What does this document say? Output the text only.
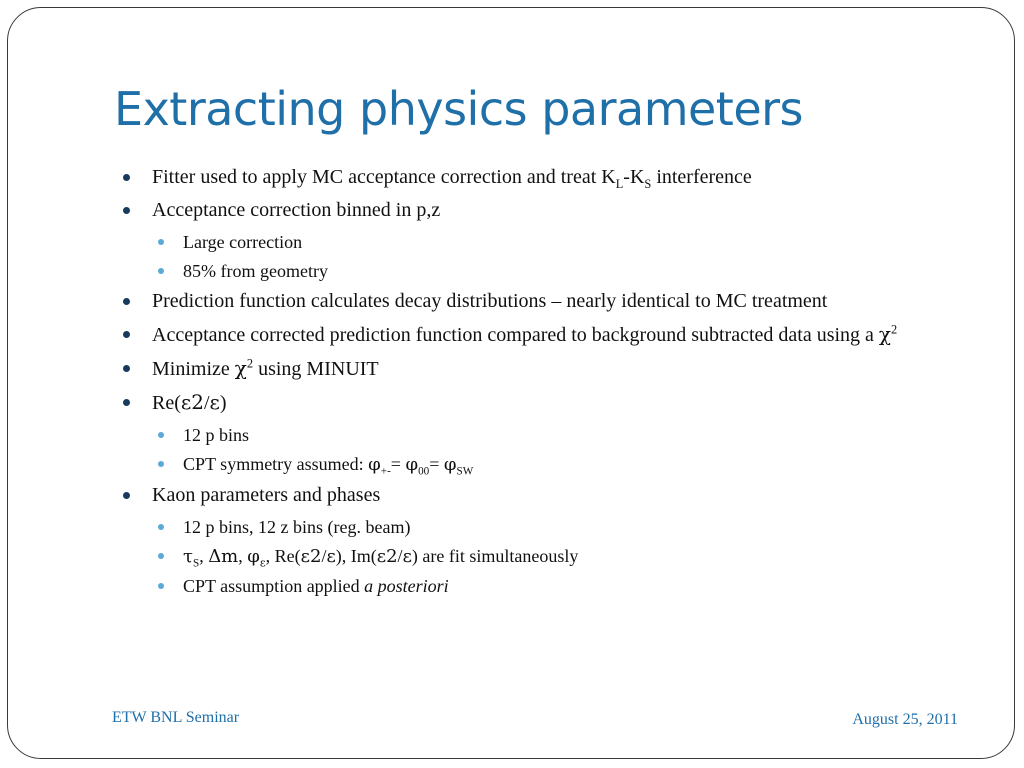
Extracting physics parameters
Fitter used to apply MC acceptance correction and treat $K_L-K_S$ interference
Acceptance correction binned in p,z
Large correction
85% from geometry
Prediction function calculates decay distributions – nearly identical to MC treatment
Acceptance corrected prediction function compared to background subtracted data using a $\chi^2$
Minimize $\chi^2$ using MINUIT
Re(ε2/ε)
12 p bins
CPT symmetry assumed: $\varphi_{+-}= \varphi_{00}= \varphi_{SW}$
Kaon parameters and phases
12 p bins, 12 z bins (reg. beam)
$\tau_S$, Δm, $\varphi_\varepsilon$, Re(ε2/ε), Im(ε2/ε) are fit simultaneously
CPT assumption applied a posteriori
ETW BNL Seminar	August 25, 2011
